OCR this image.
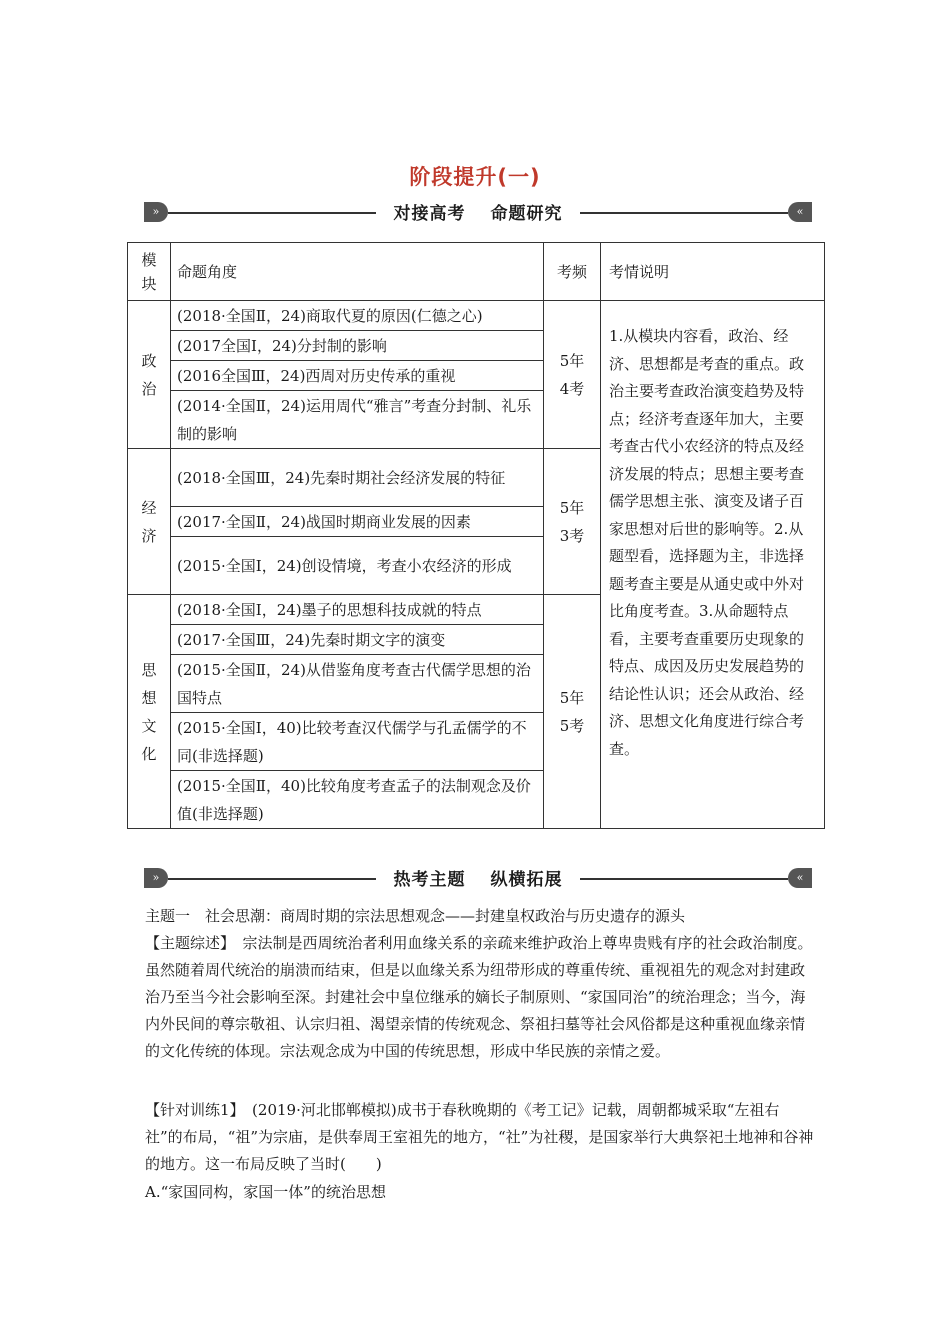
阶段提升(一)
»	«
对接高考　 命题研究
模块	命题角度	考频	考情说明

政治	(2018·全国Ⅱ，24)商取代夏的原因(仁德之心)	5年4考	1.从模块内容看，政治、经济、思想都是考查的重点。政治主要考查政治演变趋势及特点；经济考查逐年加大，主要考查古代小农经济的特点及经济发展的特点；思想主要考查儒学思想主张、演变及诸子百家思想对后世的影响等。2.从题型看，选择题为主，非选择题考查主要是从通史或中外对比角度考查。3.从命题特点看，主要考查重要历史现象的特点、成因及历史发展趋势的结论性认识；还会从政治、经济、思想文化角度进行综合考查。

	(2017全国Ⅰ，24)分封制的影响		
	(2016全国Ⅲ，24)西周对历史传承的重视		
	(2014·全国Ⅱ，24)运用周代“雅言”考查分封制、礼乐制的影响		

经济	(2018·全国Ⅲ，24)先秦时期社会经济发展的特征	5年3考	

	(2017·全国Ⅱ，24)战国时期商业发展的因素		
	(2015·全国Ⅰ，24)创设情境，考查小农经济的形成		

思想文化	(2018·全国Ⅰ，24)墨子的思想科技成就的特点	5年5考	

	(2017·全国Ⅲ，24)先秦时期文字的演变		
	(2015·全国Ⅱ，24)从借鉴角度考查古代儒学思想的治国特点		
	(2015·全国Ⅰ，40)比较考查汉代儒学与孔孟儒学的不同(非选择题)		
	(2015·全国Ⅱ，40)比较角度考查孟子的法制观念及价值(非选择题)		
»	«
热考主题　 纵横拓展
主题一　社会思潮：商周时期的宗法思想观念——封建皇权政治与历史遗存的源头
【主题综述】　宗法制是西周统治者利用血缘关系的亲疏来维护政治上尊卑贵贱有序的社会政治制度。虽然随着周代统治的崩溃而结束，但是以血缘关系为纽带形成的尊重传统、重视祖先的观念对封建政治乃至当今社会影响至深。封建社会中皇位继承的嫡长子制原则、“家国同治”的统治理念；当今，海内外民间的尊宗敬祖、认宗归祖、渴望亲情的传统观念、祭祖扫墓等社会风俗都是这种重视血缘亲情的文化传统的体现。宗法观念成为中国的传统思想，形成中华民族的亲情之爱。
【针对训练1】　(2019·河北邯郸模拟)成书于春秋晚期的《考工记》记载，周朝都城采取“左祖右社”的布局，“祖”为宗庙，是供奉周王室祖先的地方，“社”为社稷，是国家举行大典祭祀土地神和谷神的地方。这一布局反映了当时(　　)
A.“家国同构，家国一体”的统治思想
